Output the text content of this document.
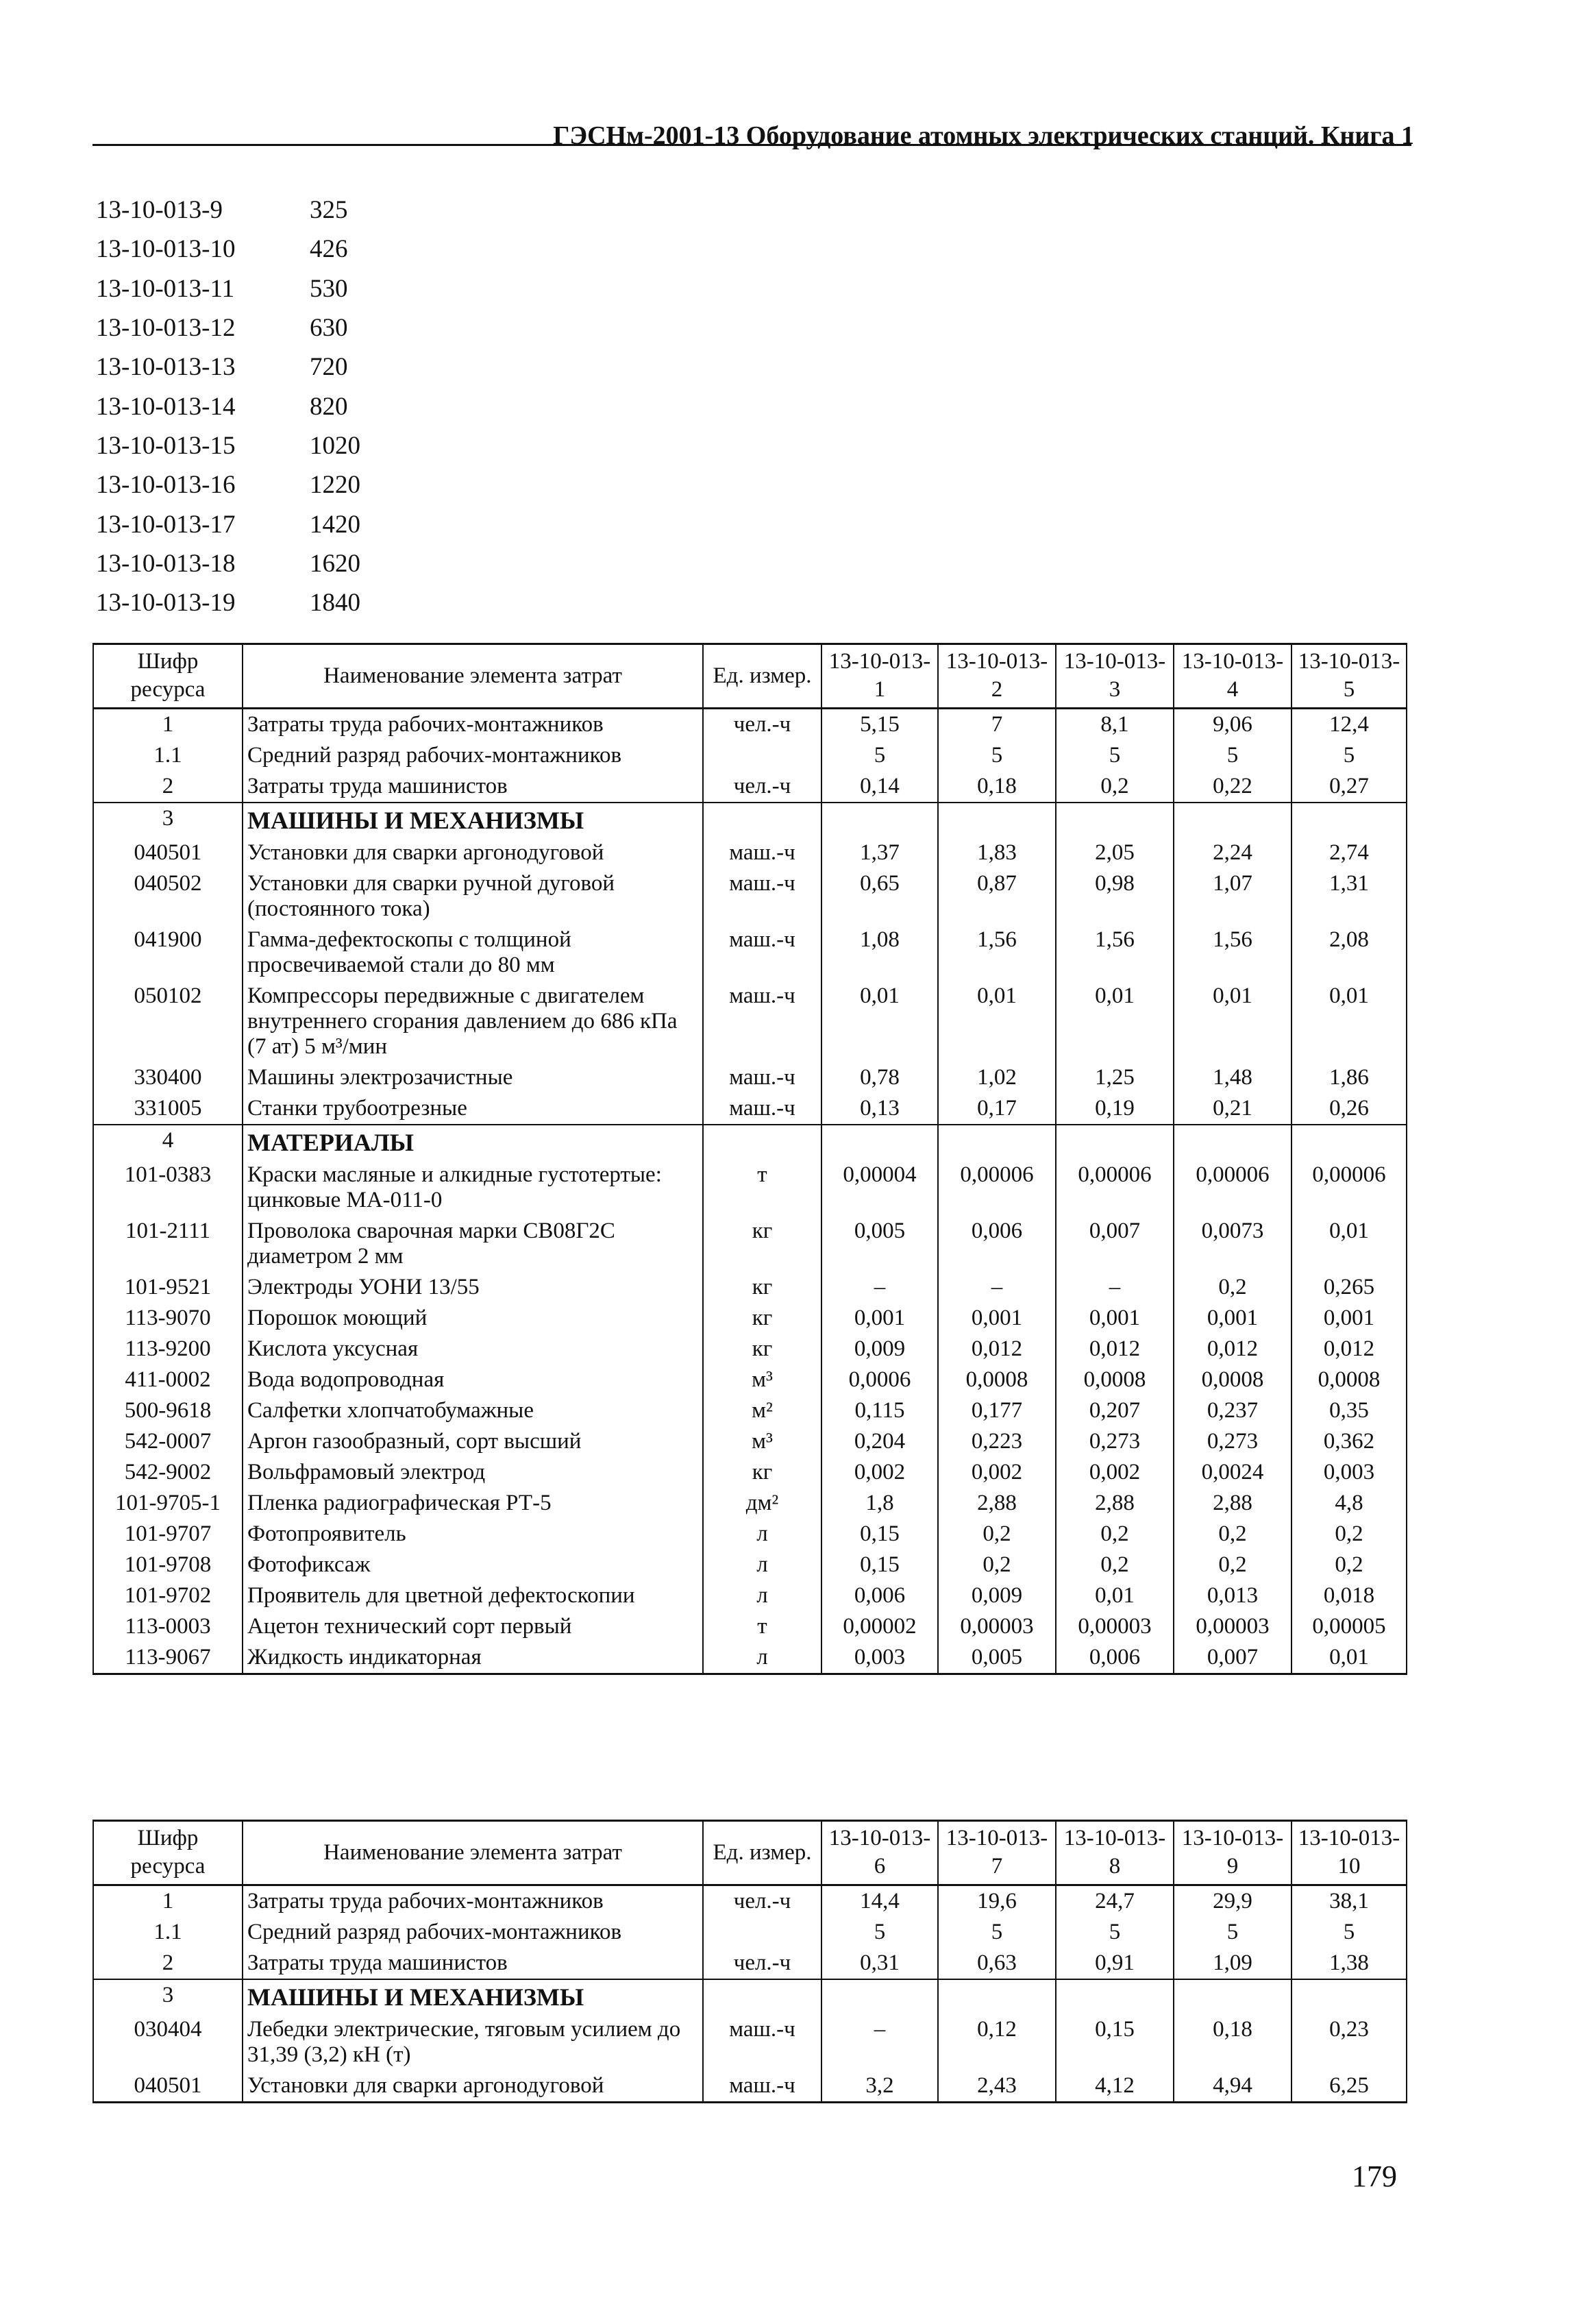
ГЭСНм-2001-13 Оборудование атомных электрических станций. Книга 1
13-10-013-9	325
13-10-013-10	426
13-10-013-11	530
13-10-013-12	630
13-10-013-13	720
13-10-013-14	820
13-10-013-15	1020
13-10-013-16	1220
13-10-013-17	1420
13-10-013-18	1620
13-10-013-19	1840
Шифр ресурса	Наименование элемента затрат	Ед. измер.	13-10-013-1	13-10-013-2	13-10-013-3	13-10-013-4	13-10-013-5
1	Затраты труда рабочих-монтажников	чел.-ч	5,15	7	8,1	9,06	12,4
1.1	Средний разряд рабочих-монтажников		5	5	5	5	5
2	Затраты труда машинистов	чел.-ч	0,14	0,18	0,2	0,22	0,27
3	МАШИНЫ И МЕХАНИЗМЫ						
040501	Установки для сварки аргонодуговой	маш.-ч	1,37	1,83	2,05	2,24	2,74
040502	Установки для сварки ручной дуговой (постоянного тока)	маш.-ч	0,65	0,87	0,98	1,07	1,31
041900	Гамма-дефектоскопы с толщиной просвечиваемой стали до 80 мм	маш.-ч	1,08	1,56	1,56	1,56	2,08
050102	Компрессоры передвижные с двигателем внутреннего сгорания давлением до 686 кПа (7 ат) 5 м³/мин	маш.-ч	0,01	0,01	0,01	0,01	0,01
330400	Машины электрозачистные	маш.-ч	0,78	1,02	1,25	1,48	1,86
331005	Станки трубоотрезные	маш.-ч	0,13	0,17	0,19	0,21	0,26
4	МАТЕРИАЛЫ						
101-0383	Краски масляные и алкидные густотертые: цинковые МА-011-0	т	0,00004	0,00006	0,00006	0,00006	0,00006
101-2111	Проволока сварочная марки СВ08Г2С диаметром 2 мм	кг	0,005	0,006	0,007	0,0073	0,01
101-9521	Электроды УОНИ 13/55	кг	–	–	–	0,2	0,265
113-9070	Порошок моющий	кг	0,001	0,001	0,001	0,001	0,001
113-9200	Кислота уксусная	кг	0,009	0,012	0,012	0,012	0,012
411-0002	Вода водопроводная	м³	0,0006	0,0008	0,0008	0,0008	0,0008
500-9618	Салфетки хлопчатобумажные	м²	0,115	0,177	0,207	0,237	0,35
542-0007	Аргон газообразный, сорт высший	м³	0,204	0,223	0,273	0,273	0,362
542-9002	Вольфрамовый электрод	кг	0,002	0,002	0,002	0,0024	0,003
101-9705-1	Пленка радиографическая РТ-5	дм²	1,8	2,88	2,88	2,88	4,8
101-9707	Фотопроявитель	л	0,15	0,2	0,2	0,2	0,2
101-9708	Фотофиксаж	л	0,15	0,2	0,2	0,2	0,2
101-9702	Проявитель для цветной дефектоскопии	л	0,006	0,009	0,01	0,013	0,018
113-0003	Ацетон технический сорт первый	т	0,00002	0,00003	0,00003	0,00003	0,00005
113-9067	Жидкость индикаторная	л	0,003	0,005	0,006	0,007	0,01
Шифр ресурса	Наименование элемента затрат	Ед. измер.	13-10-013-6	13-10-013-7	13-10-013-8	13-10-013-9	13-10-013-10
1	Затраты труда рабочих-монтажников	чел.-ч	14,4	19,6	24,7	29,9	38,1
1.1	Средний разряд рабочих-монтажников		5	5	5	5	5
2	Затраты труда машинистов	чел.-ч	0,31	0,63	0,91	1,09	1,38
3	МАШИНЫ И МЕХАНИЗМЫ						
030404	Лебедки электрические, тяговым усилием до 31,39 (3,2) кН (т)	маш.-ч	–	0,12	0,15	0,18	0,23
040501	Установки для сварки аргонодуговой	маш.-ч	3,2	2,43	4,12	4,94	6,25
179
